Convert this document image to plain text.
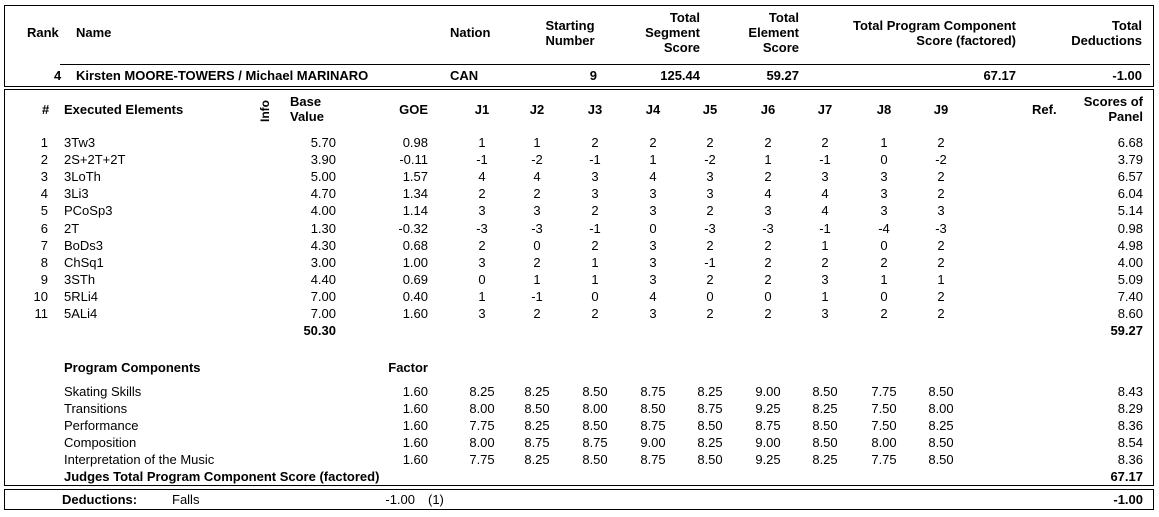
Rank Name	Nation	Starting
Number
Total
Segment
Score
Total
Element
Score
Total Program Component
Score (factored)
Total
Deductions
4 Kirsten MOORE-TOWERS / Michael MARINARO	CAN	9	125.44	59.27	67.17	-1.00
# Executed Elements	Info Base
Value	GOE	J1	J2	J3	J4	J5	J6	J7	J8	J9	Ref.
Scores of
Panel
1 3Tw3	5.70	0.98	1	1	2	2	2	2	2	1	2	6.68
2 2S+2T+2T	3.90	-0.11	-1	-2	-1	1	-2	1	-1	0	-2	3.79
3 3LoTh	5.00	1.57	4	4	3	4	3	2	3	3	2	6.57
4 3Li3	4.70	1.34	2	2	3	3	3	4	4	3	2	6.04
5 PCoSp3	4.00	1.14	3	3	2	3	2	3	4	3	3	5.14
6 2T	1.30	-0.32	-3	-3	-1	0	-3	-3	-1	-4	-3	0.98
7 BoDs3	4.30	0.68	2	0	2	3	2	2	1	0	2	4.98
8 ChSq1	3.00	1.00	3	2	1	3	-1	2	2	2	2	4.00
9 3STh	4.40	0.69	0	1	1	3	2	2	3	1	1	5.09
10 5RLi4	7.00	0.40	1	-1	0	4	0	0	1	0	2	7.40
11 5ALi4	7.00	1.60	3	2	2	3	2	2	3	2	2	8.60
50.30	59.27
Program Components	Factor
Skating Skills	1.60	8.25	8.25	8.50	8.75	8.25	9.00	8.50	7.75	8.50	8.43
Transitions	1.60	8.00	8.50	8.00	8.50	8.75	9.25	8.25	7.50	8.00	8.29
Performance	1.60	7.75	8.25	8.50	8.75	8.50	8.75	8.50	7.50	8.25	8.36
Composition	1.60	8.00	8.75	8.75	9.00	8.25	9.00	8.50	8.00	8.50	8.54
Interpretation of the Music	1.60	7.75	8.25	8.50	8.75	8.50	9.25	8.25	7.75	8.50	8.36
Judges Total Program Component Score (factored)	67.17
Deductions:	Falls	-1.00 (1)	-1.00
